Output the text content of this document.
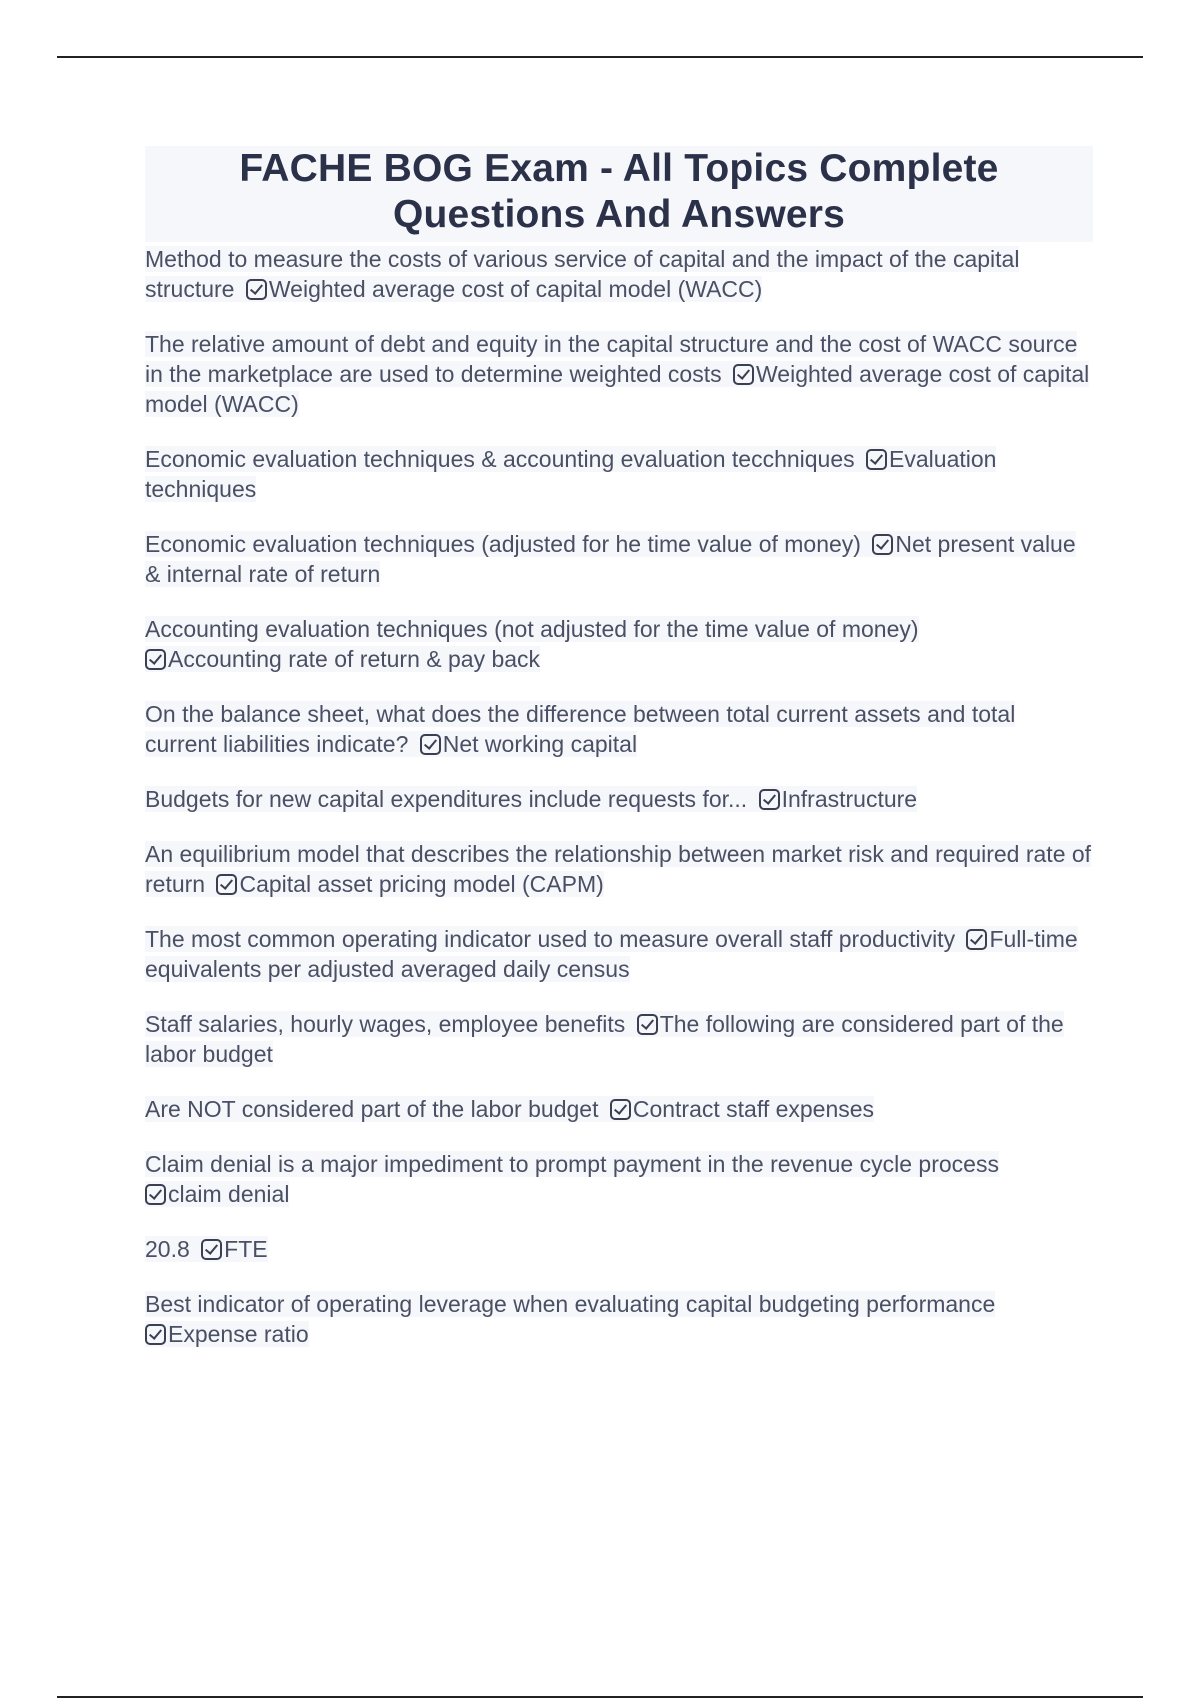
FACHE BOG Exam - All Topics Complete Questions And Answers
Method to measure the costs of various service of capital and the impact of the capital structure Weighted average cost of capital model (WACC)
The relative amount of debt and equity in the capital structure and the cost of WACC source in the marketplace are used to determine weighted costs Weighted average cost of capital model (WACC)
Economic evaluation techniques & accounting evaluation tecchniques Evaluation techniques
Economic evaluation techniques (adjusted for he time value of money) Net present value & internal rate of return
Accounting evaluation techniques (not adjusted for the time value of money)
Accounting rate of return & pay back
On the balance sheet, what does the difference between total current assets and total current liabilities indicate? Net working capital
Budgets for new capital expenditures include requests for... Infrastructure
An equilibrium model that describes the relationship between market risk and required rate of return Capital asset pricing model (CAPM)
The most common operating indicator used to measure overall staff productivity Full-time equivalents per adjusted averaged daily census
Staff salaries, hourly wages, employee benefits The following are considered part of the labor budget
Are NOT considered part of the labor budget Contract staff expenses
Claim denial is a major impediment to prompt payment in the revenue cycle process
claim denial
20.8 FTE
Best indicator of operating leverage when evaluating capital budgeting performance
Expense ratio
